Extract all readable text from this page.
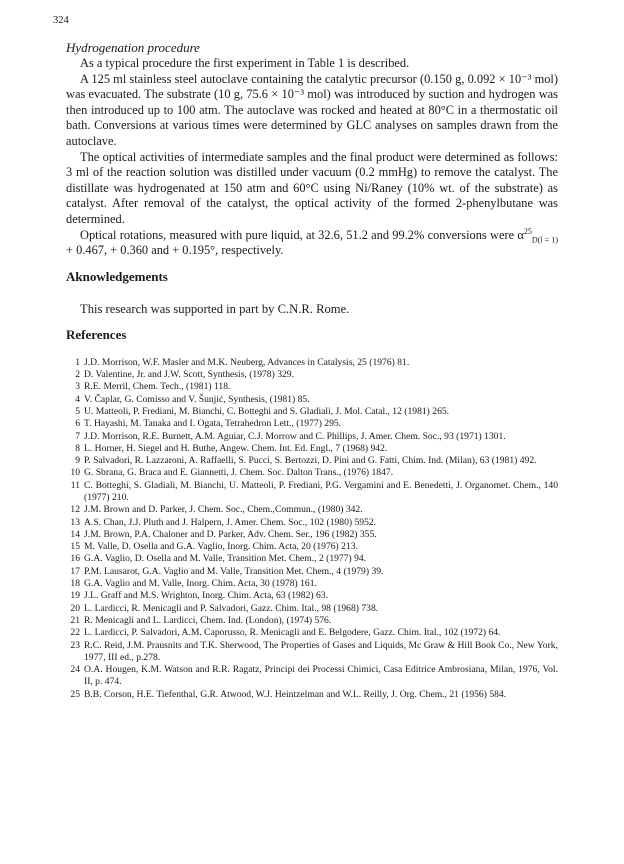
324

Hydrogenation procedure

As a typical procedure the first experiment in Table 1 is described.

A 125 ml stainless steel autoclave containing the catalytic precursor (0.150 g, 0.092 × 10⁻³ mol) was evacuated. The substrate (10 g, 75.6 × 10⁻³ mol) was introduced by suction and hydrogen was then introduced up to 100 atm. The autoclave was rocked and heated at 80°C in a thermostatic oil bath. Conversions at various times were determined by GLC analyses on samples drawn from the autoclave.

The optical activities of intermediate samples and the final product were determined as follows: 3 ml of the reaction solution was distilled under vacuum (0.2 mmHg) to remove the catalyst. The distillate was hydrogenated at 150 atm and 60°C using Ni/Raney (10% wt. of the substrate) as catalyst. After removal of the catalyst, the optical activity of the formed 2-phenylbutane was determined.

Optical rotations, measured with pure liquid, at 32.6, 51.2 and 99.2% conversions were $\alpha^{25}_{D(l = 1)} + 0.467$, + 0.360 and + 0.195°, respectively.

Aknowledgements

This research was supported in part by C.N.R. Rome.

References

1 J.D. Morrison, W.F. Masler and M.K. Neuberg, Advances in Catalysis, 25 (1976) 81.
2 D. Valentine, Jr. and J.W. Scott, Synthesis, (1978) 329.
3 R.E. Merril, Chem. Tech., (1981) 118.
4 V. Čaplar, G. Comisso and V. Šunjić, Synthesis, (1981) 85.
5 U. Matteoli, P. Frediani, M. Bianchi, C. Botteghi and S. Gladiali, J. Mol. Catal., 12 (1981) 265.
6 T. Hayashi, M. Tanaka and I. Ogata, Tetrahedron Lett., (1977) 295.
7 J.D. Morrison, R.E. Burnett, A.M. Aguiar, C.J. Morrow and C. Phillips, J. Amer. Chem. Soc., 93 (1971) 1301.
8 L. Horner, H. Siegel and H. Buthe, Angew. Chem. Int. Ed. Engl., 7 (1968) 942.
9 P. Salvadori, R. Lazzaroni, A. Raffaelli, S. Pucci, S. Bertozzi, D. Pini and G. Fatti, Chim. Ind. (Milan), 63 (1981) 492.
10 G. Sbrana, G. Braca and E. Giannetti, J. Chem. Soc. Dalton Trans., (1976) 1847.
11 C. Botteghi, S. Gladiali, M. Bianchi, U. Matteoli, P. Frediani, P.G. Vergamini and E. Benedetti, J. Organomet. Chem., 140 (1977) 210.
12 J.M. Brown and D. Parker, J. Chem. Soc., Chem.,Commun., (1980) 342.
13 A.S. Chan, J.J. Pluth and J. Halpern, J. Amer. Chem. Soc., 102 (1980) 5952.
14 J.M. Brown, P.A. Chaloner and D. Parker, Adv. Chem. Ser., 196 (1982) 355.
15 M. Valle, D. Osella and G.A. Vaglio, Inorg. Chim. Acta, 20 (1976) 213.
16 G.A. Vaglio, D. Osella and M. Valle, Transition Met. Chem., 2 (1977) 94.
17 P.M. Lausarot, G.A. Vaglio and M. Valle, Transition Met. Chem., 4 (1979) 39.
18 G.A. Vaglio and M. Valle, Inorg. Chim. Acta, 30 (1978) 161.
19 J.L. Graff and M.S. Wrighton, Inorg. Chim. Acta, 63 (1982) 63.
20 L. Lardicci, R. Menicagli and P. Salvadori, Gazz. Chim. Ital., 98 (1968) 738.
21 R. Menicagli and L. Lardicci, Chem. Ind. (London), (1974) 576.
22 L. Lardicci, P. Salvadori, A.M. Caporusso, R. Menicagli and E. Belgodere, Gazz. Chim. Ital., 102 (1972) 64.
23 R.C. Reid, J.M. Prausnits and T.K. Sherwood, The Properties of Gases and Liquids, Mc Graw & Hill Book Co., New York, 1977, III ed., p.278.
24 O.A. Hougen, K.M. Watson and R.R. Ragatz, Principi dei Processi Chimici, Casa Editrice Ambrosiana, Milan, 1976, Vol. II, p. 474.
25 B.B. Corson, H.E. Tiefenthal, G.R. Atwood, W.J. Heintzelman and W.L. Reilly, J. Org. Chem., 21 (1956) 584.
